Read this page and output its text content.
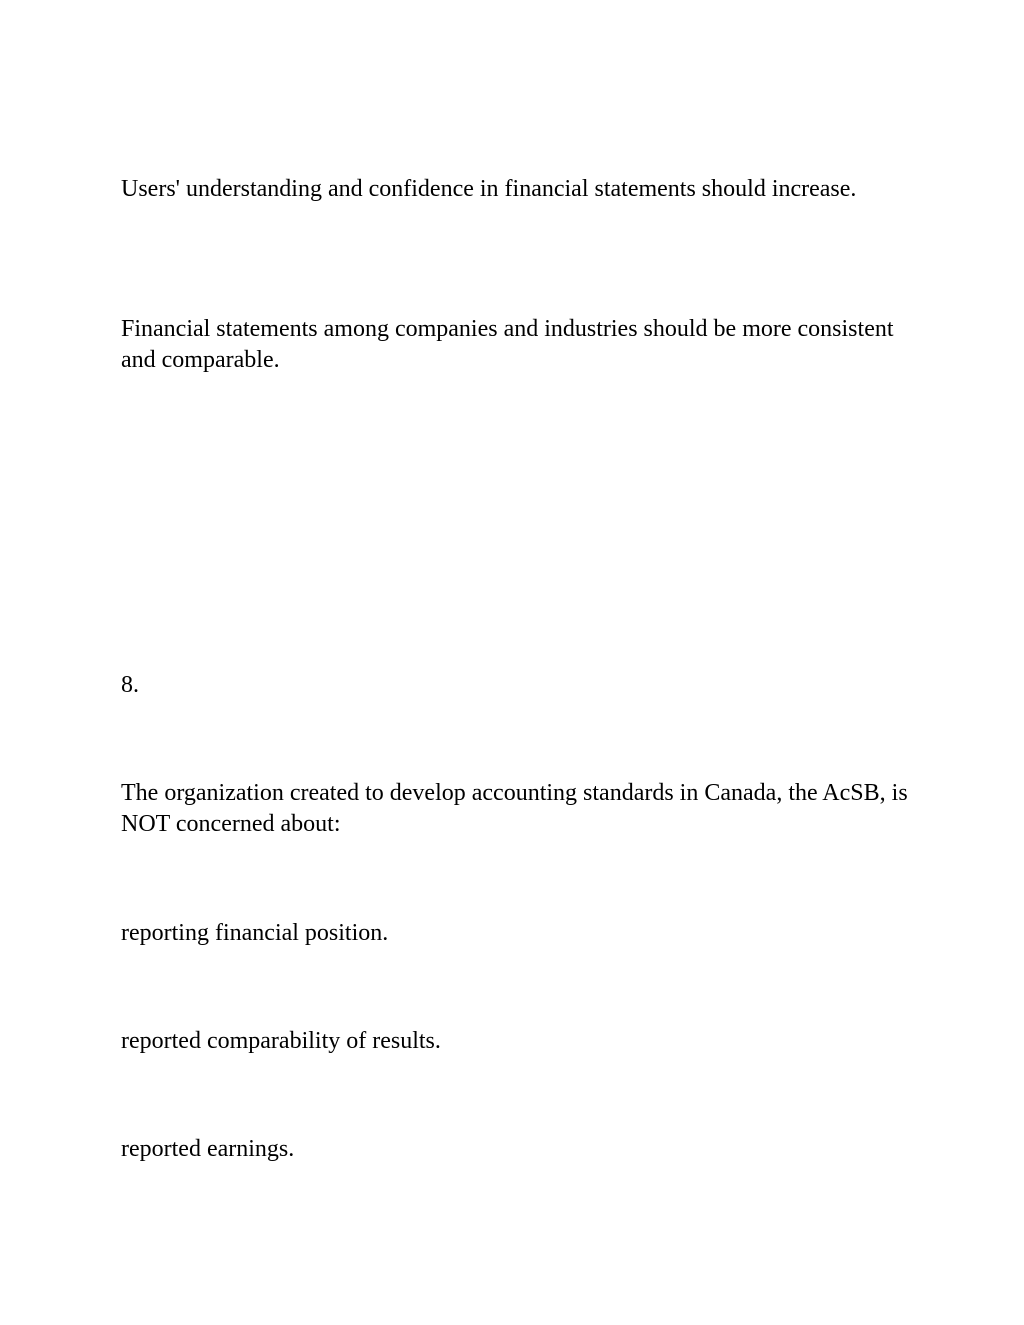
Users' understanding and confidence in financial statements should increase.

Financial statements among companies and industries should be more consistent and comparable.

8.

The organization created to develop accounting standards in Canada, the AcSB, is NOT concerned about:

reporting financial position.

reported comparability of results.

reported earnings.
